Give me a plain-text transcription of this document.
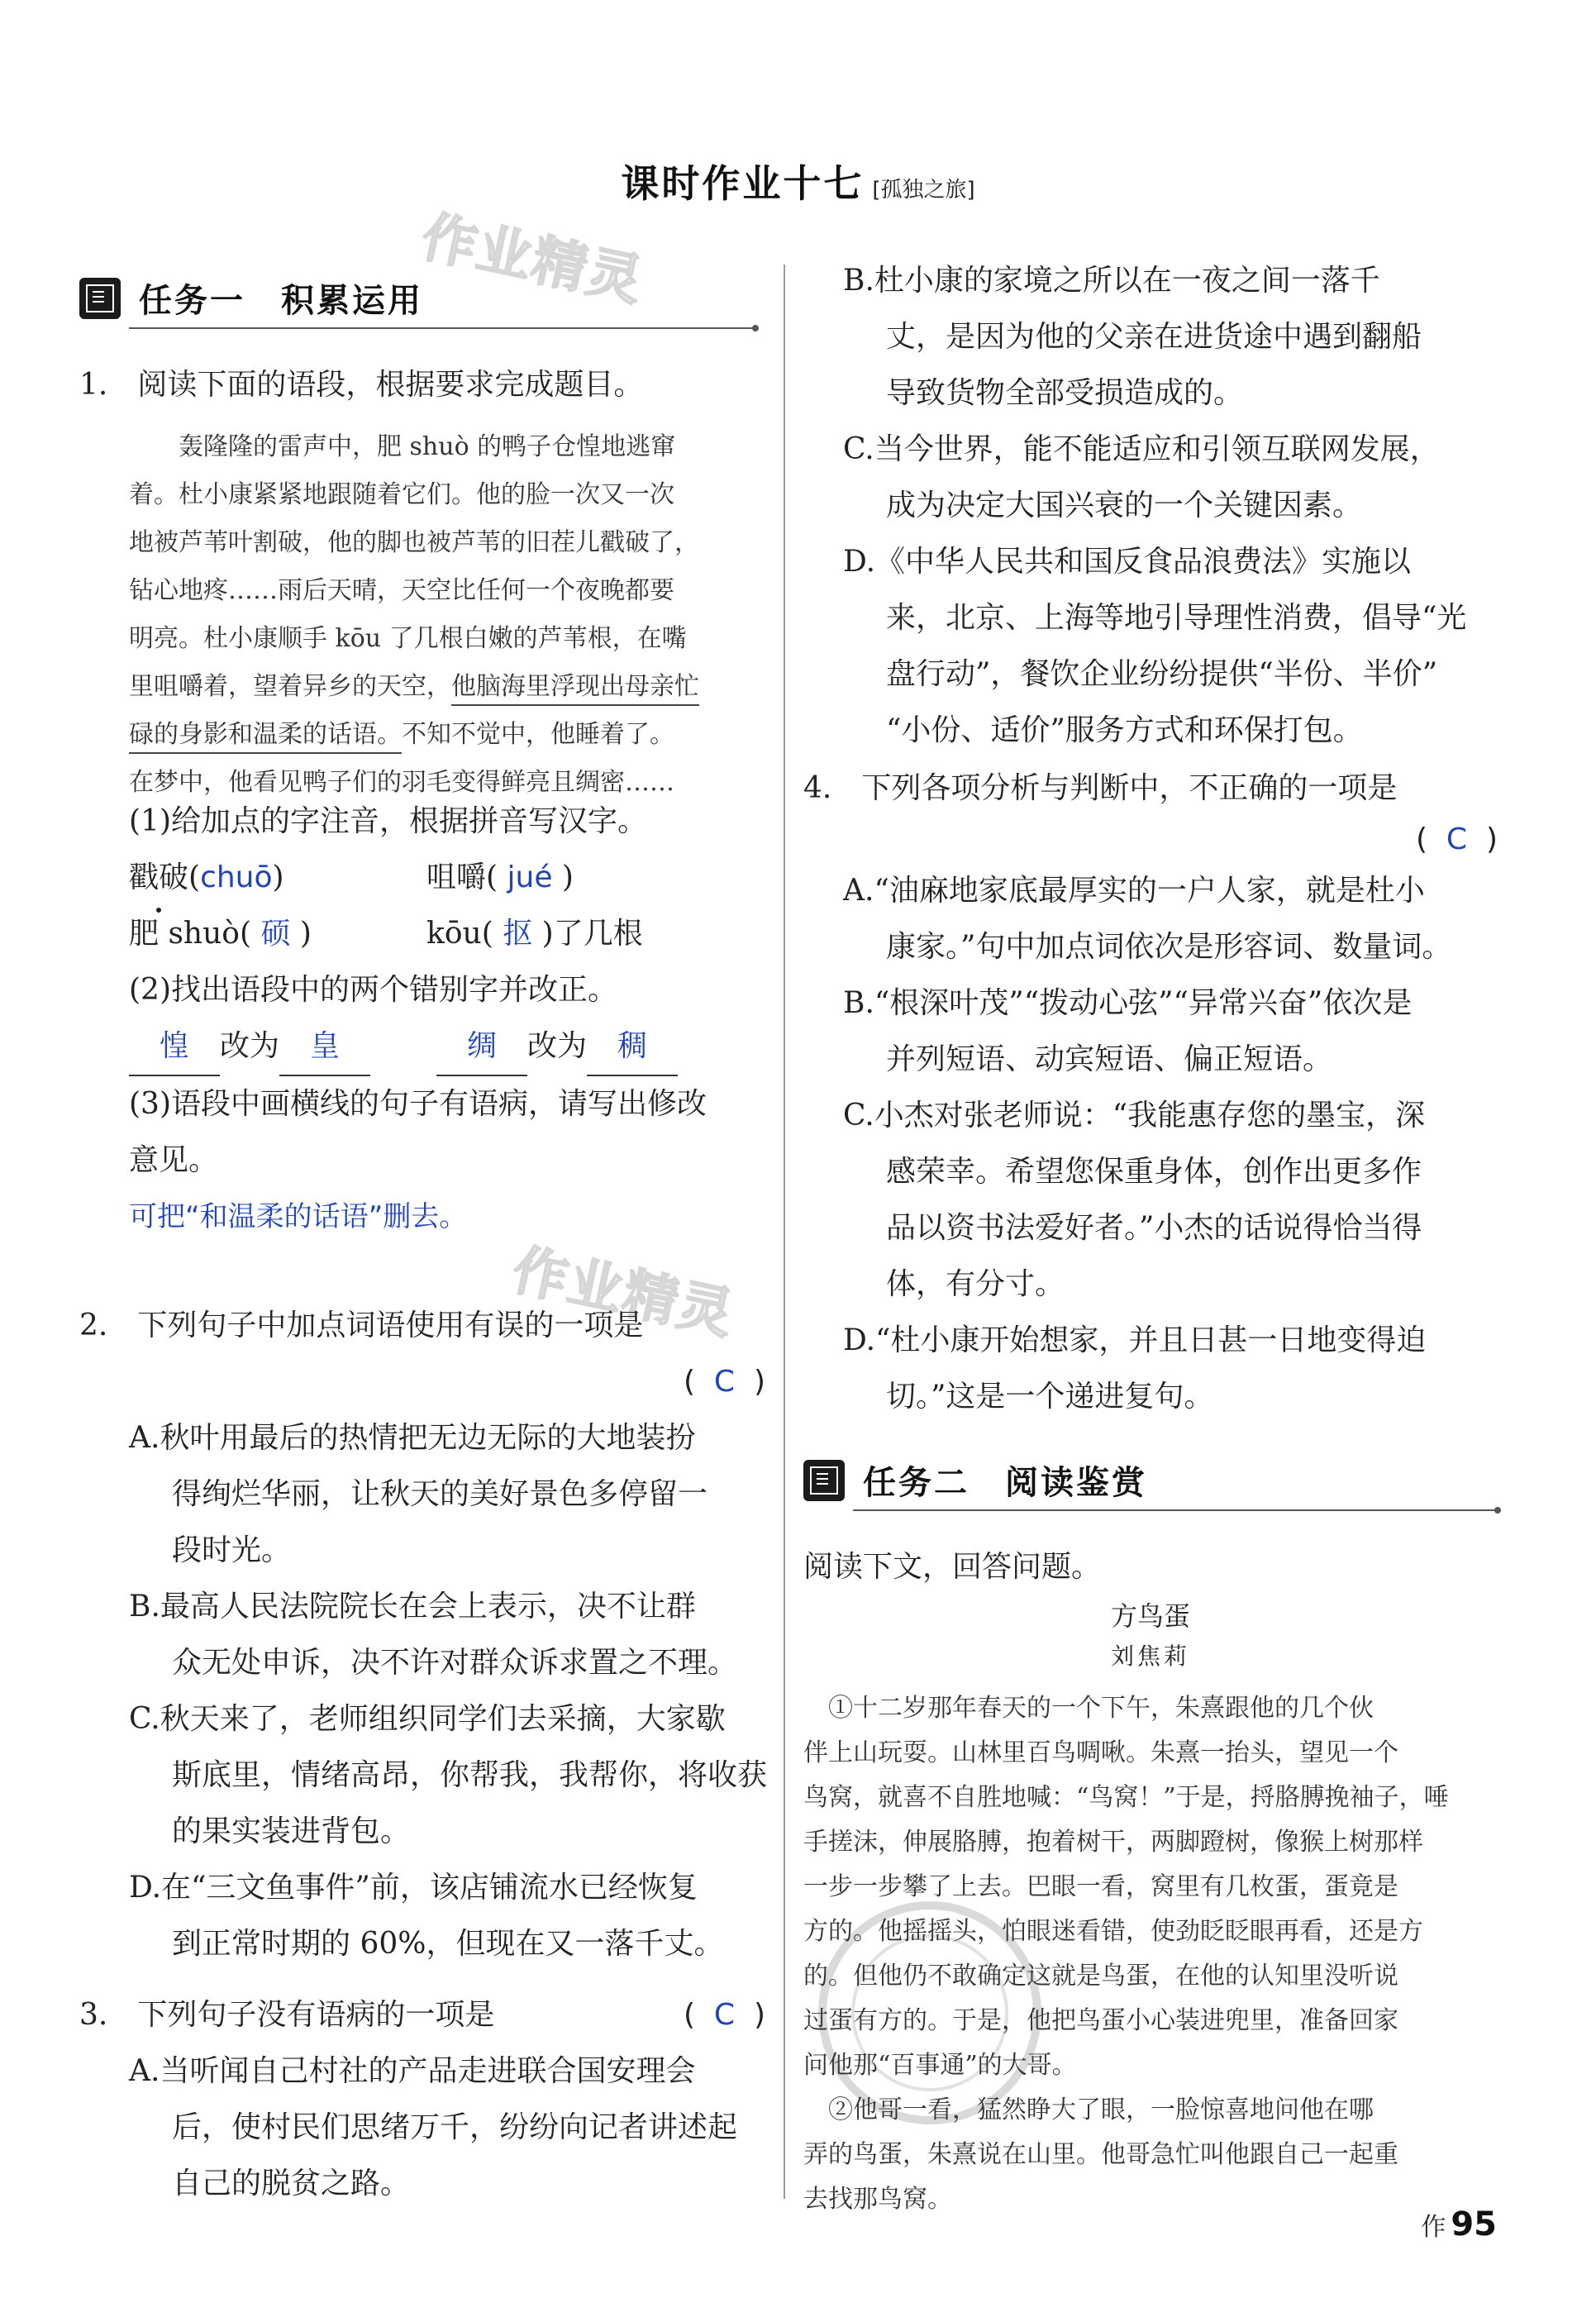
课时作业十七 [孤独之旅]
作业精灵
作业精灵
任务一　积累运用
1.　阅读下面的语段，根据要求完成题目。

轰隆隆的雷声中，肥 shuò 的鸭子仓惶地逃窜

着。杜小康紧紧地跟随着它们。他的脸一次又一次

地被芦苇叶割破，他的脚也被芦苇的旧茬儿戳破了，

钻心地疼……雨后天晴，天空比任何一个夜晚都要

明亮。杜小康顺手 kōu 了几根白嫩的芦苇根，在嘴

里咀嚼着，望着异乡的天空，他脑海里浮现出母亲忙

碌的身影和温柔的话语。不知不觉中，他睡着了。

在梦中，他看见鸭子们的羽毛变得鲜亮且绸密……

(1)给加点的字注音，根据拼音写汉字。
戳破(chuō)	咀嚼( jué )
肥 shuò( 硕 )	kōu( 抠 )了几根
(2)找出语段中的两个错别字并改正。
惶 改为 皇	绸 改为 稠
(3)语段中画横线的句子有语病，请写出修改
意见。
可把“和温柔的话语”删去。
2.　下列句子中加点词语使用有误的一项是
(  C  )
A.秋叶用最后的热情把无边无际的大地装扮
得绚烂华丽，让秋天的美好景色多停留一
段时光。
B.最高人民法院院长在会上表示，决不让群
众无处申诉，决不许对群众诉求置之不理。
C.秋天来了，老师组织同学们去采摘，大家歇
斯底里，情绪高昂，你帮我，我帮你，将收获
的果实装进背包。
D.在“三文鱼事件”前，该店铺流水已经恢复
到正常时期的 60%，但现在又一落千丈。
3.　下列句子没有语病的一项是	(  C  )
A.当听闻自己村社的产品走进联合国安理会
后，使村民们思绪万千，纷纷向记者讲述起
自己的脱贫之路。
B.杜小康的家境之所以在一夜之间一落千
丈，是因为他的父亲在进货途中遇到翻船
导致货物全部受损造成的。
C.当今世界，能不能适应和引领互联网发展，
成为决定大国兴衰的一个关键因素。
D.《中华人民共和国反食品浪费法》实施以
来，北京、上海等地引导理性消费，倡导“光
盘行动”，餐饮企业纷纷提供“半份、半价”
“小份、适价”服务方式和环保打包。
4.　下列各项分析与判断中，不正确的一项是
(  C  )
A.“油麻地家底最厚实的一户人家，就是杜小
康家。”句中加点词依次是形容词、数量词。
B.“根深叶茂”“拨动心弦”“异常兴奋”依次是
并列短语、动宾短语、偏正短语。
C.小杰对张老师说：“我能惠存您的墨宝，深
感荣幸。希望您保重身体，创作出更多作
品以资书法爱好者。”小杰的话说得恰当得
体，有分寸。
D.“杜小康开始想家，并且日甚一日地变得迫
切。”这是一个递进复句。
任务二　阅读鉴赏
阅读下文，回答问题。
方鸟蛋
刘焦莉

①十二岁那年春天的一个下午，朱熹跟他的几个伙

伴上山玩耍。山林里百鸟啁啾。朱熹一抬头，望见一个

鸟窝，就喜不自胜地喊：“鸟窝！”于是，捋胳膊挽袖子，唾

手搓沫，伸展胳膊，抱着树干，两脚蹬树，像猴上树那样

一步一步攀了上去。巴眼一看，窝里有几枚蛋，蛋竟是

方的。他摇摇头，怕眼迷看错，使劲眨眨眼再看，还是方

的。但他仍不敢确定这就是鸟蛋，在他的认知里没听说

过蛋有方的。于是，他把鸟蛋小心装进兜里，准备回家

问他那“百事通”的大哥。

②他哥一看，猛然睁大了眼，一脸惊喜地问他在哪

弄的鸟蛋，朱熹说在山里。他哥急忙叫他跟自己一起重

去找那鸟窝。

作 95
